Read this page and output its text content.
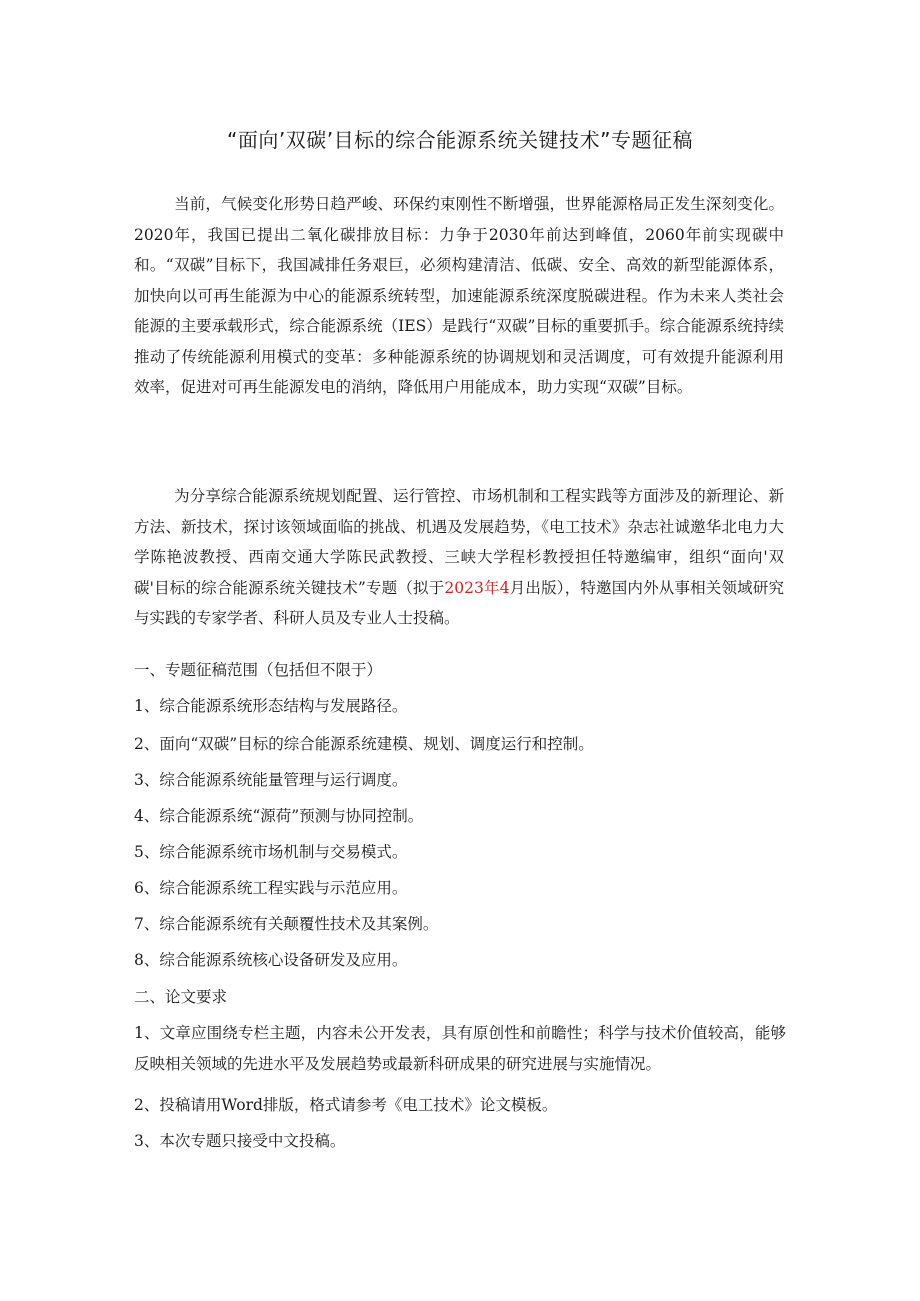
“面向’双碳’目标的综合能源系统关键技术”专题征稿
当前，气候变化形势日趋严峻、环保约束刚性不断增强，世界能源格局正发生深刻变化。2020年，我国已提出二氧化碳排放目标：力争于2030年前达到峰值，2060年前实现碳中和。“双碳”目标下，我国减排任务艰巨，必须构建清洁、低碳、安全、高效的新型能源体系，加快向以可再生能源为中心的能源系统转型，加速能源系统深度脱碳进程。作为未来人类社会能源的主要承载形式，综合能源系统（IES）是践行“双碳”目标的重要抓手。综合能源系统持续推动了传统能源利用模式的变革：多种能源系统的协调规划和灵活调度，可有效提升能源利用效率，促进对可再生能源发电的消纳，降低用户用能成本，助力实现“双碳”目标。
为分享综合能源系统规划配置、运行管控、市场机制和工程实践等方面涉及的新理论、新方法、新技术，探讨该领域面临的挑战、机遇及发展趋势，《电工技术》杂志社诚邀华北电力大学陈艳波教授、西南交通大学陈民武教授、三峡大学程杉教授担任特邀编审，组织“面向'双碳'目标的综合能源系统关键技术”专题（拟于2023年4月出版），特邀国内外从事相关领域研究与实践的专家学者、科研人员及专业人士投稿。
一、专题征稿范围（包括但不限于）
1、综合能源系统形态结构与发展路径。
2、面向“双碳”目标的综合能源系统建模、规划、调度运行和控制。
3、综合能源系统能量管理与运行调度。
4、综合能源系统“源荷”预测与协同控制。
5、综合能源系统市场机制与交易模式。
6、综合能源系统工程实践与示范应用。
7、综合能源系统有关颠覆性技术及其案例。
8、综合能源系统核心设备研发及应用。
二、论文要求
1、文章应围绕专栏主题，内容未公开发表，具有原创性和前瞻性；科学与技术价值较高，能够反映相关领域的先进水平及发展趋势或最新科研成果的研究进展与实施情况。
2、投稿请用Word排版，格式请参考《电工技术》论文模板。
3、本次专题只接受中文投稿。
